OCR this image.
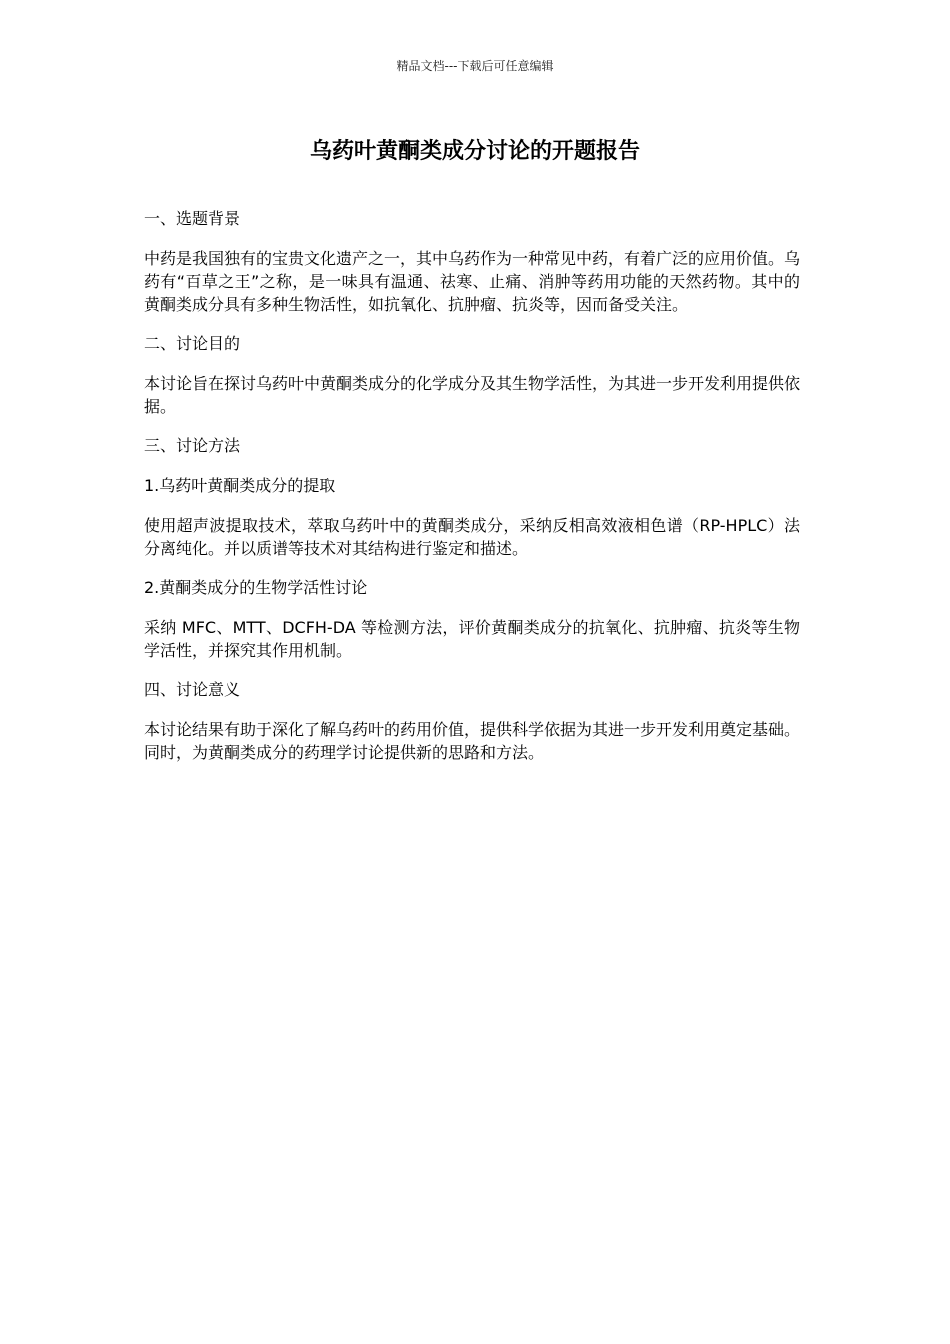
精品文档---下载后可任意编辑
乌药叶黄酮类成分讨论的开题报告

一、选题背景

中药是我国独有的宝贵文化遗产之一，其中乌药作为一种常见中药，有着广泛的应用价值。乌药有“百草之王”之称，是一味具有温通、祛寒、止痛、消肿等药用功能的天然药物。其中的黄酮类成分具有多种生物活性，如抗氧化、抗肿瘤、抗炎等，因而备受关注。

二、讨论目的

本讨论旨在探讨乌药叶中黄酮类成分的化学成分及其生物学活性，为其进一步开发利用提供依据。

三、讨论方法

1.乌药叶黄酮类成分的提取

使用超声波提取技术，萃取乌药叶中的黄酮类成分，采纳反相高效液相色谱（RP-HPLC）法分离纯化。并以质谱等技术对其结构进行鉴定和描述。

2.黄酮类成分的生物学活性讨论

采纳 MFC、MTT、DCFH-DA 等检测方法，评价黄酮类成分的抗氧化、抗肿瘤、抗炎等生物学活性，并探究其作用机制。

四、讨论意义

本讨论结果有助于深化了解乌药叶的药用价值，提供科学依据为其进一步开发利用奠定基础。同时，为黄酮类成分的药理学讨论提供新的思路和方法。
